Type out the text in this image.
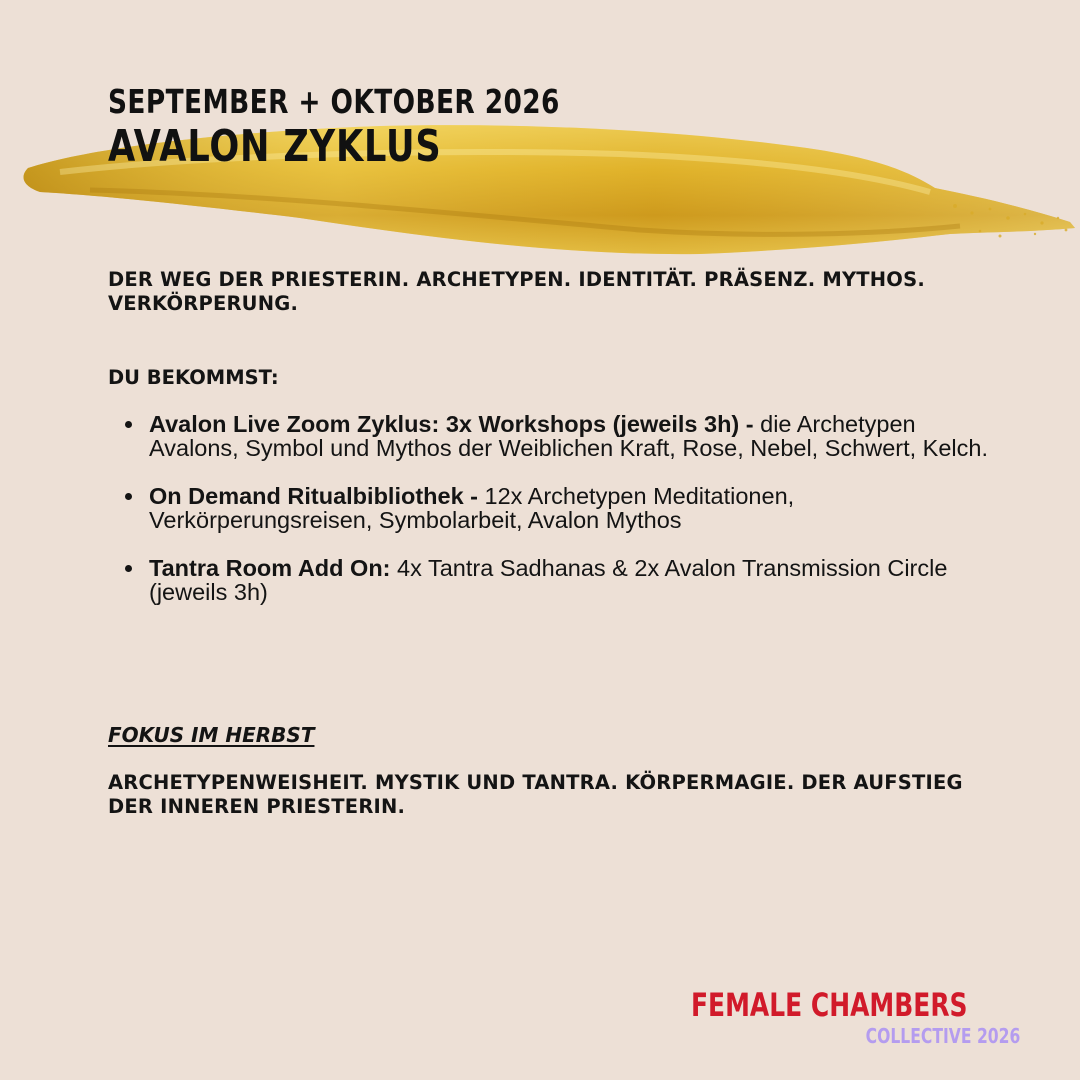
SEPTEMBER + OKTOBER 2026
AVALON ZYKLUS
DER WEG DER PRIESTERIN. ARCHETYPEN. IDENTITÄT. PRÄSENZ. MYTHOS. VERKÖRPERUNG.
DU BEKOMMST:
Avalon Live Zoom Zyklus: 3x Workshops (jeweils 3h) - die Archetypen Avalons, Symbol und Mythos der Weiblichen Kraft, Rose, Nebel, Schwert, Kelch.
On Demand Ritualbibliothek - 12x Archetypen Meditationen, Verkörperungsreisen, Symbolarbeit, Avalon Mythos
Tantra Room Add On: 4x Tantra Sadhanas & 2x Avalon Transmission Circle (jeweils 3h)
FOKUS IM HERBST
ARCHETYPENWEISHEIT. MYSTIK UND TANTRA. KÖRPERMAGIE. DER AUFSTIEG DER INNEREN PRIESTERIN.
FEMALE CHAMBERS
COLLECTIVE 2026
